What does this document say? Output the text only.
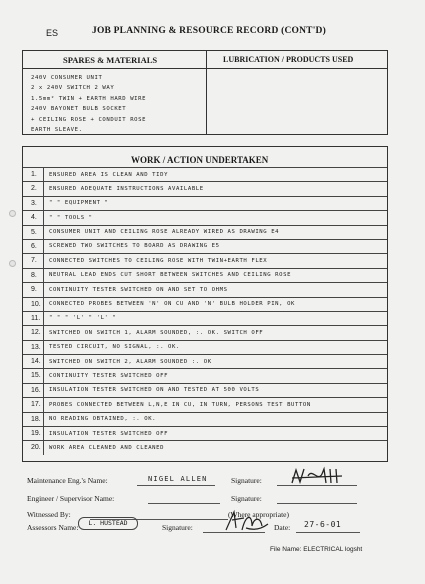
ES	JOB PLANNING & RESOURCE RECORD (CONT'D)
SPARES & MATERIALS	LUBRICATION / PRODUCTS USED
240V CONSUMER UNIT
2 x 240V SWITCH 2 WAY
1.5mm² TWIN + EARTH HARD WIRE
240V BAYONET BULB SOCKET
+ CEILING ROSE + CONDUIT ROSE
EARTH SLEAVE.
WORK / ACTION UNDERTAKEN
1. ENSURED AREA IS CLEAN AND TIDY
2. ENSURED ADEQUATE INSTRUCTIONS AVAILABLE
3. " " EQUIPMENT "
4. " " TOOLS "
5. CONSUMER UNIT AND CEILING ROSE ALREADY WIRED AS DRAWING E4
6. SCREWED TWO SWITCHES TO BOARD AS DRAWING E5
7. CONNECTED SWITCHES TO CEILING ROSE WITH TWIN+EARTH FLEX
8. NEUTRAL LEAD ENDS CUT SHORT BETWEEN SWITCHES AND CEILING ROSE
9. CONTINUITY TESTER SWITCHED ON AND SET TO OHMS
10. CONNECTED PROBES BETWEEN 'N' ON CU AND 'N' BULB HOLDER PIN, OK
11. " " " 'L' " 'L' "
12. SWITCHED ON SWITCH 1, ALARM SOUNDED, :. OK. SWITCH OFF
13. TESTED CIRCUIT, NO SIGNAL, :. OK.
14. SWITCHED ON SWITCH 2, ALARM SOUNDED :. OK
15. CONTINUITY TESTER SWITCHED OFF
16. INSULATION TESTER SWITCHED ON AND TESTED AT 500 VOLTS
17. PROBES CONNECTED BETWEEN L,N,E IN CU, IN TURN, PERSONS TEST BUTTON
18. NO READING OBTAINED, :. OK.
19. INSULATION TESTER SWITCHED OFF
20. WORK AREA CLEANED AND CLEANED
Maintenance Eng.'s Name:	NIGEL ALLEN	Signature:
Engineer / Supervisor Name:	Signature:
Witnessed By:	(Where appropriate)
Assessors Name:	L. HUSTEAD	Signature:	Date: 27-6-01
File Name: ELECTRICAL logsht
